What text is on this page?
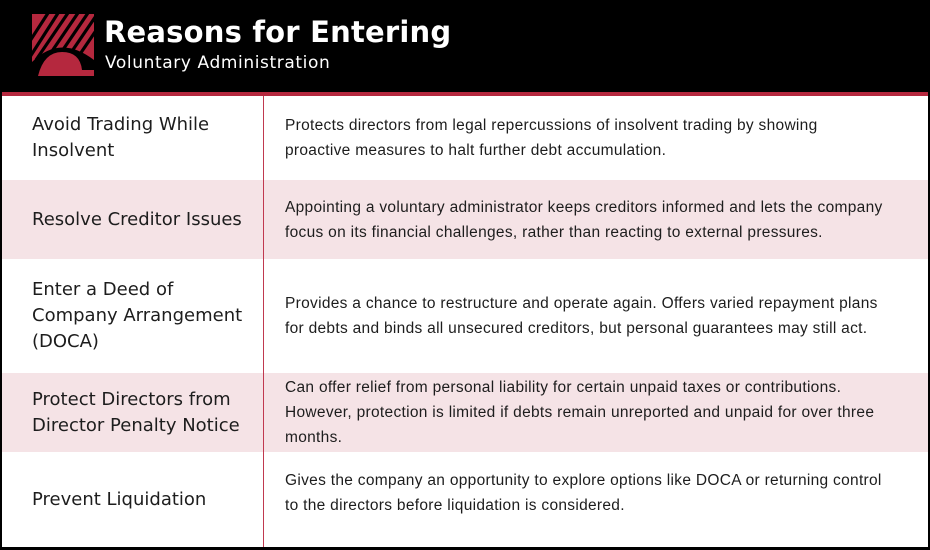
Reasons for Entering
Voluntary Administration
Avoid Trading While Insolvent
Protects directors from legal repercussions of insolvent trading by showing proactive measures to halt further debt accumulation.
Resolve Creditor Issues
Appointing a voluntary administrator keeps creditors informed and lets the company focus on its financial challenges, rather than reacting to external pressures.
Enter a Deed of Company Arrangement (DOCA)
Provides a chance to restructure and operate again. Offers varied repayment plans for debts and binds all unsecured creditors, but personal guarantees may still act.
Protect Directors from Director Penalty Notice
Can offer relief from personal liability for certain unpaid taxes or contributions. However, protection is limited if debts remain unreported and unpaid for over three months.
Prevent Liquidation
Gives the company an opportunity to explore options like DOCA or returning control to the directors before liquidation is considered.
